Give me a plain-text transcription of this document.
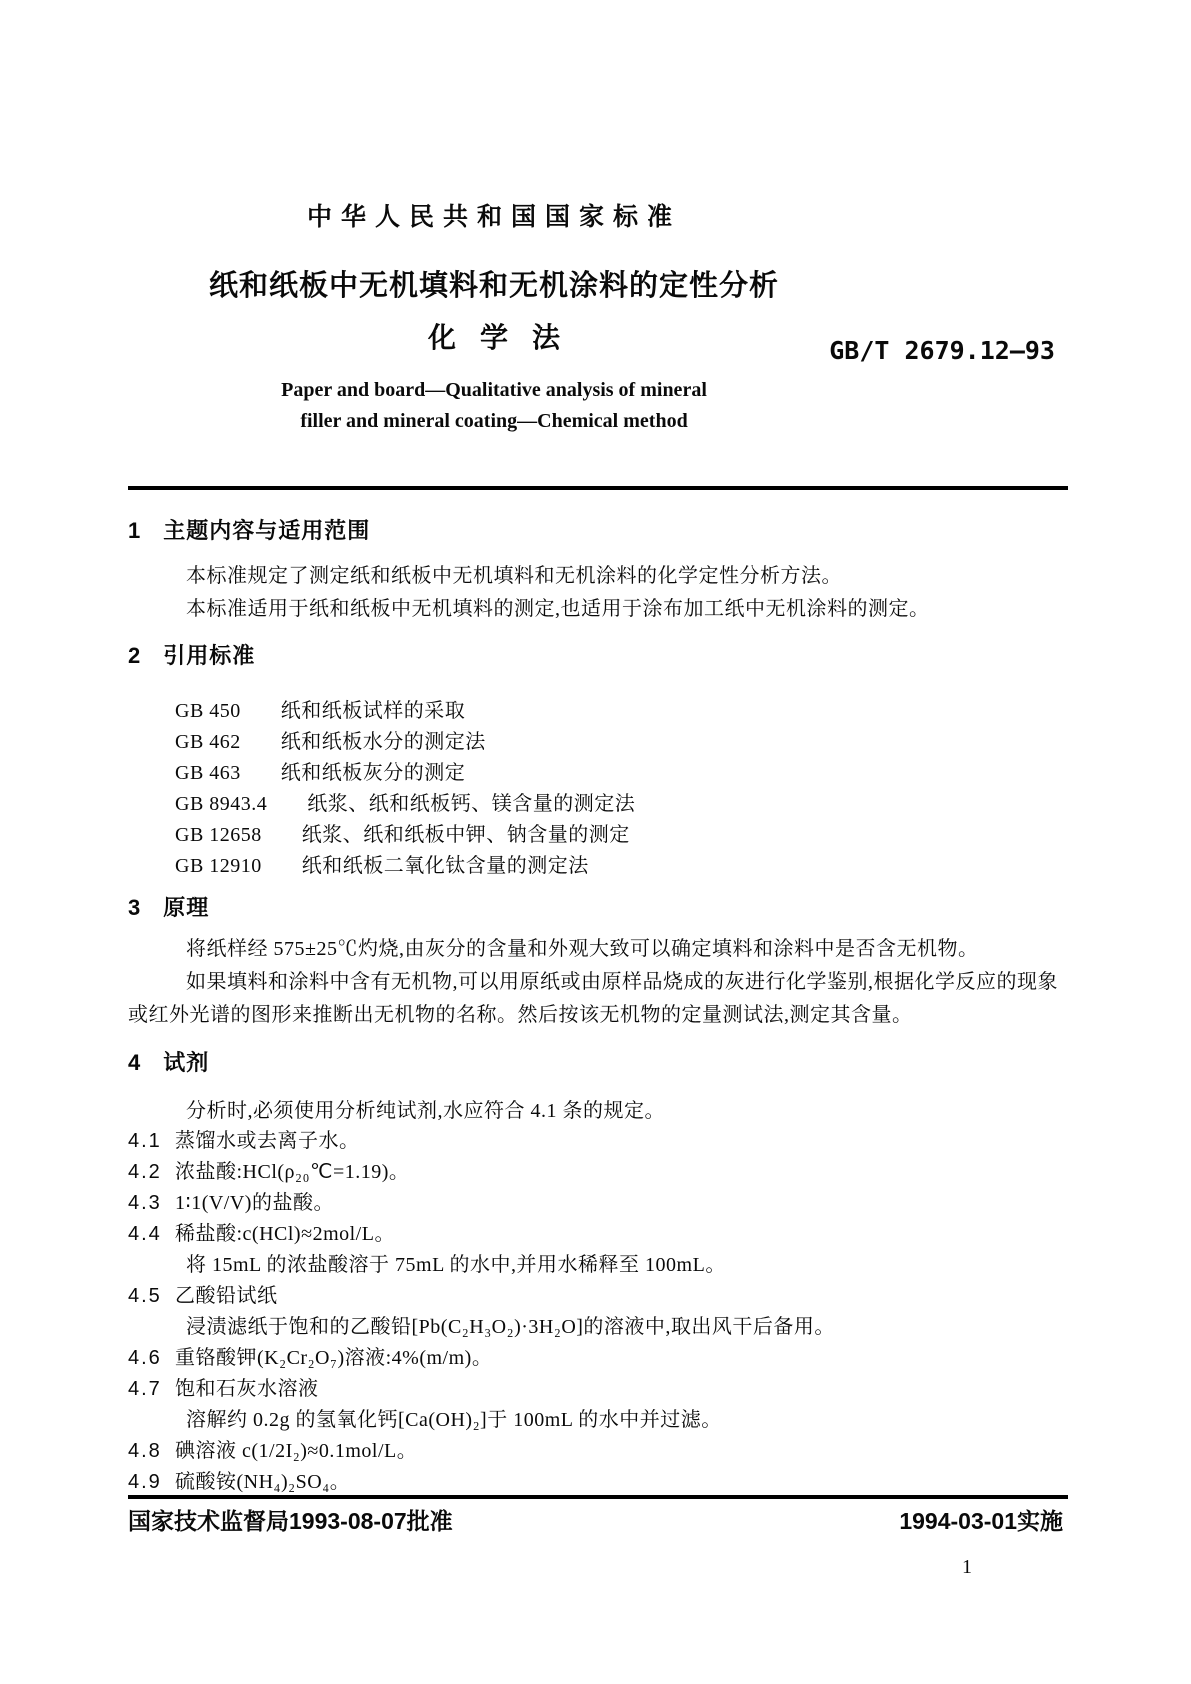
中华人民共和国国家标准
纸和纸板中无机填料和无机涂料的定性分析
化学法	GB/T 2679.12—93
Paper and board—Qualitative analysis of mineral
filler and mineral coating—Chemical method
1 主题内容与适用范围

本标准规定了测定纸和纸板中无机填料和无机涂料的化学定性分析方法。

本标准适用于纸和纸板中无机填料的测定,也适用于涂布加工纸中无机涂料的测定。

2 引用标准
GB 450 纸和纸板试样的采取
GB 462 纸和纸板水分的测定法
GB 463 纸和纸板灰分的测定
GB 8943.4 纸浆、纸和纸板钙、镁含量的测定法
GB 12658 纸浆、纸和纸板中钾、钠含量的测定
GB 12910 纸和纸板二氧化钛含量的测定法
3 原理

将纸样经 575±25℃灼烧,由灰分的含量和外观大致可以确定填料和涂料中是否含无机物。

如果填料和涂料中含有无机物,可以用原纸或由原样品烧成的灰进行化学鉴别,根据化学反应的现象或红外光谱的图形来推断出无机物的名称。然后按该无机物的定量测试法,测定其含量。

4 试剂

分析时,必须使用分析纯试剂,水应符合 4.1 条的规定。

4.1 蒸馏水或去离子水。
4.2 浓盐酸:HCl(ρ₂₀℃=1.19)。
4.3 1∶1(V/V)的盐酸。
4.4 稀盐酸:c(HCl)≈2mol/L。

将 15mL 的浓盐酸溶于 75mL 的水中,并用水稀释至 100mL。

4.5 乙酸铅试纸

浸渍滤纸于饱和的乙酸铅[Pb(C₂H₃O₂)·3H₂O]的溶液中,取出风干后备用。

4.6 重铬酸钾(K₂Cr₂O₇)溶液:4%(m/m)。
4.7 饱和石灰水溶液

溶解约 0.2g 的氢氧化钙[Ca(OH)₂]于 100mL 的水中并过滤。

4.8 碘溶液 c(1/2I₂)≈0.1mol/L。
4.9 硫酸铵(NH₄)₂SO₄。
国家技术监督局1993-08-07批准	1994-03-01实施
1
